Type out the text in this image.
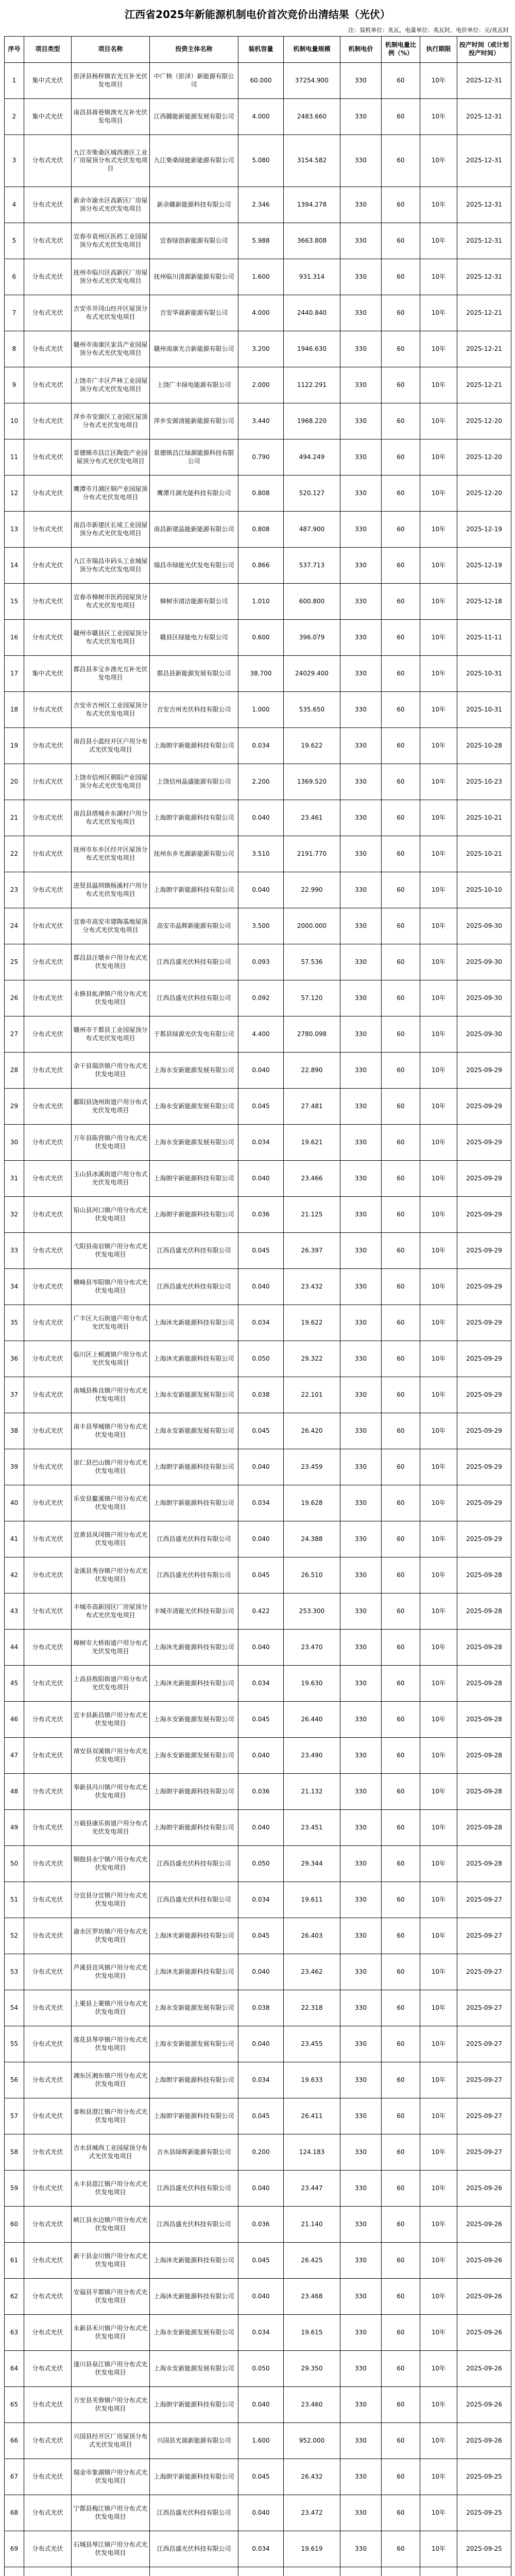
江西省2025年新能源机制电价首次竞价出清结果（光伏）
注：装机单位：兆瓦，电量单位：兆瓦时，电价单位：元/兆瓦时
序号	项目类型	项目名称	投资主体名称	装机容量	机制电量规模	机制电价	机制电量比例（%）	执行期限	投产时间（或计划投产时间）
1	集中式光伏	彭泽县杨梓镇农光互补光伏发电项目	中广核（彭泽）新能源有限公司	60.000	37254.900	330	60	10年	2025-12-31
2	集中式光伏	南昌县蒋巷镇渔光互补光伏发电项目	江西赣能新能源发展有限公司	4.000	2483.660	330	60	10年	2025-12-31
3	分布式光伏	九江市柴桑区城西港区工业厂房屋顶分布式光伏发电项目	九江柴桑绿能新能源有限公司	5.080	3154.582	330	60	10年	2025-12-31
4	分布式光伏	新余市渝水区高新区厂房屋顶分布式光伏发电项目	新余赣新能源科技有限公司	2.346	1394.278	330	60	10年	2025-12-31
5	分布式光伏	宜春市袁州区医药工业园屋顶分布式光伏发电项目	宜春绿创新能源有限公司	5.988	3663.808	330	60	10年	2025-12-31
6	分布式光伏	抚州市临川区高新区厂房屋顶分布式光伏发电项目	抚州临川清源新能源有限公司	1.600	931.314	330	60	10年	2025-12-31
7	分布式光伏	吉安市井冈山经开区屋顶分布式光伏发电项目	吉安华晟新能源有限公司	4.000	2440.840	330	60	10年	2025-12-21
8	分布式光伏	赣州市南康区家具产业园屋顶分布式光伏发电项目	赣州南康光合新能源有限公司	3.200	1946.630	330	60	10年	2025-12-21
9	分布式光伏	上饶市广丰区芦林工业园屋顶分布式光伏发电项目	上饶广丰绿电能源有限公司	2.000	1122.291	330	60	10年	2025-12-21
10	分布式光伏	萍乡市安源区工业园区屋顶分布式光伏发电项目	萍乡安源清能新能源有限公司	3.440	1968.220	330	60	10年	2025-12-20
11	分布式光伏	景德镇市昌江区陶瓷产业园屋顶分布式光伏发电项目	景德镇昌江绿源能源科技有限公司	0.790	494.249	330	60	10年	2025-12-20
12	分布式光伏	鹰潭市月湖区铜产业园屋顶分布式光伏发电项目	鹰潭月湖光能科技有限公司	0.808	520.127	330	60	10年	2025-12-20
13	分布式光伏	南昌市新建区长堎工业园屋顶分布式光伏发电项目	南昌新建晶能新能源有限公司	0.808	487.900	330	60	10年	2025-12-19
14	分布式光伏	九江市瑞昌市码头工业城屋顶分布式光伏发电项目	瑞昌市绿能光伏发电有限公司	0.866	537.713	330	60	10年	2025-12-19
15	分布式光伏	宜春市樟树市医药园屋顶分布式光伏发电项目	樟树市清洁能源有限公司	1.010	600.800	330	60	10年	2025-12-18
16	分布式光伏	赣州市赣县区工业园屋顶分布式光伏发电项目	赣县区绿能电力有限公司	0.600	396.079	330	60	10年	2025-11-11
17	集中式光伏	都昌县多宝乡渔光互补光伏发电项目	都昌县新能源发展有限公司	38.700	24029.400	330	60	10年	2025-10-31
18	分布式光伏	吉安市吉州区工业园屋顶分布式光伏发电项目	吉安吉州光伏科技有限公司	1.000	535.650	330	60	10年	2025-10-31
19	分布式光伏	南昌县小蓝经开区户用分布式光伏发电项目	上海朗宇新能源科技有限公司	0.034	19.622	330	60	10年	2025-10-28
20	分布式光伏	上饶市信州区朝阳产业园屋顶分布式光伏发电项目	上饶信州晶盛能源有限公司	2.200	1369.520	330	60	10年	2025-10-23
21	分布式光伏	南昌县塔城乡东湖村户用分布式光伏发电项目	上海朗宇新能源科技有限公司	0.040	23.461	330	60	10年	2025-10-21
22	分布式光伏	抚州市东乡区经开区屋顶分布式光伏发电项目	抚州东乡光源新能源有限公司	3.510	2191.770	330	60	10年	2025-10-21
23	分布式光伏	进贤县温圳镇杨溪村户用分布式光伏发电项目	上海朗宇新能源科技有限公司	0.040	22.990	330	60	10年	2025-10-10
24	分布式光伏	宜春市高安市建陶基地屋顶分布式光伏发电项目	高安市晶辉新能源有限公司	3.500	2000.000	330	60	10年	2025-09-30
25	分布式光伏	都昌县汪墩乡户用分布式光伏发电项目	江西昌盛光伏科技有限公司	0.093	57.536	330	60	10年	2025-09-30
26	分布式光伏	永修县虬津镇户用分布式光伏发电项目	江西昌盛光伏科技有限公司	0.092	57.120	330	60	10年	2025-09-30
27	分布式光伏	赣州市于都县工业园屋顶分布式光伏发电项目	于都县绿源光伏发电有限公司	4.400	2780.098	330	60	10年	2025-09-30
28	分布式光伏	余干县瑞洪镇户用分布式光伏发电项目	上海永安新能源发展有限公司	0.040	22.890	330	60	10年	2025-09-29
29	分布式光伏	鄱阳县饶州街道户用分布式光伏发电项目	上海永安新能源发展有限公司	0.045	27.481	330	60	10年	2025-09-29
30	分布式光伏	万年县陈营镇户用分布式光伏发电项目	上海永安新能源发展有限公司	0.034	19.621	330	60	10年	2025-09-29
31	分布式光伏	玉山县冰溪街道户用分布式光伏发电项目	上海朗宇新能源科技有限公司	0.040	23.466	330	60	10年	2025-09-29
32	分布式光伏	铅山县河口镇户用分布式光伏发电项目	上海朗宇新能源科技有限公司	0.036	21.125	330	60	10年	2025-09-29
33	分布式光伏	弋阳县南岩镇户用分布式光伏发电项目	江西昌盛光伏科技有限公司	0.045	26.397	330	60	10年	2025-09-29
34	分布式光伏	横峰县岑阳镇户用分布式光伏发电项目	江西昌盛光伏科技有限公司	0.040	23.432	330	60	10年	2025-09-29
35	分布式光伏	广丰区大石街道户用分布式光伏发电项目	上海沐光新能源科技有限公司	0.034	19.622	330	60	10年	2025-09-29
36	分布式光伏	临川区上顿渡镇户用分布式光伏发电项目	上海沐光新能源科技有限公司	0.050	29.322	330	60	10年	2025-09-29
37	分布式光伏	南城县株良镇户用分布式光伏发电项目	上海永安新能源发展有限公司	0.038	22.101	330	60	10年	2025-09-29
38	分布式光伏	南丰县琴城镇户用分布式光伏发电项目	上海永安新能源发展有限公司	0.045	26.420	330	60	10年	2025-09-29
39	分布式光伏	崇仁县巴山镇户用分布式光伏发电项目	上海朗宇新能源科技有限公司	0.040	23.459	330	60	10年	2025-09-29
40	分布式光伏	乐安县鳌溪镇户用分布式光伏发电项目	上海朗宇新能源科技有限公司	0.034	19.628	330	60	10年	2025-09-29
41	分布式光伏	宜黄县凤冈镇户用分布式光伏发电项目	江西昌盛光伏科技有限公司	0.040	24.388	330	60	10年	2025-09-29
42	分布式光伏	金溪县秀谷镇户用分布式光伏发电项目	江西昌盛光伏科技有限公司	0.045	26.510	330	60	10年	2025-09-28
43	分布式光伏	丰城市高新园区厂房屋顶分布式光伏发电项目	丰城市清能光伏科技有限公司	0.422	253.300	330	60	10年	2025-09-28
44	分布式光伏	樟树市大桥街道户用分布式光伏发电项目	上海沐光新能源科技有限公司	0.040	23.470	330	60	10年	2025-09-28
45	分布式光伏	上高县敖阳街道户用分布式光伏发电项目	上海沐光新能源科技有限公司	0.034	19.630	330	60	10年	2025-09-28
46	分布式光伏	宜丰县新昌镇户用分布式光伏发电项目	上海永安新能源发展有限公司	0.045	26.440	330	60	10年	2025-09-28
47	分布式光伏	靖安县双溪镇户用分布式光伏发电项目	上海永安新能源发展有限公司	0.040	23.490	330	60	10年	2025-09-28
48	分布式光伏	奉新县冯川镇户用分布式光伏发电项目	上海朗宇新能源科技有限公司	0.036	21.132	330	60	10年	2025-09-28
49	分布式光伏	万载县康乐街道户用分布式光伏发电项目	上海朗宇新能源科技有限公司	0.040	23.451	330	60	10年	2025-09-28
50	分布式光伏	铜鼓县永宁镇户用分布式光伏发电项目	江西昌盛光伏科技有限公司	0.050	29.344	330	60	10年	2025-09-28
51	分布式光伏	分宜县分宜镇户用分布式光伏发电项目	江西昌盛光伏科技有限公司	0.034	19.611	330	60	10年	2025-09-27
52	分布式光伏	渝水区罗坊镇户用分布式光伏发电项目	上海沐光新能源科技有限公司	0.045	26.403	330	60	10年	2025-09-27
53	分布式光伏	芦溪县宣风镇户用分布式光伏发电项目	上海沐光新能源科技有限公司	0.040	23.462	330	60	10年	2025-09-27
54	分布式光伏	上栗县上栗镇户用分布式光伏发电项目	上海永安新能源发展有限公司	0.038	22.318	330	60	10年	2025-09-27
55	分布式光伏	莲花县琴亭镇户用分布式光伏发电项目	上海永安新能源发展有限公司	0.040	23.455	330	60	10年	2025-09-27
56	分布式光伏	湘东区湘东镇户用分布式光伏发电项目	上海朗宇新能源科技有限公司	0.034	19.633	330	60	10年	2025-09-27
57	分布式光伏	泰和县澄江镇户用分布式光伏发电项目	上海朗宇新能源科技有限公司	0.045	26.411	330	60	10年	2025-09-27
58	分布式光伏	吉水县城西工业园屋顶分布式光伏发电项目	吉水县绿晖新能源有限公司	0.200	124.183	330	60	10年	2025-09-27
59	分布式光伏	永丰县恩江镇户用分布式光伏发电项目	江西昌盛光伏科技有限公司	0.040	23.447	330	60	10年	2025-09-26
60	分布式光伏	峡江县水边镇户用分布式光伏发电项目	江西昌盛光伏科技有限公司	0.036	21.140	330	60	10年	2025-09-26
61	分布式光伏	新干县金川镇户用分布式光伏发电项目	上海沐光新能源科技有限公司	0.045	26.425	330	60	10年	2025-09-26
62	分布式光伏	安福县平都镇户用分布式光伏发电项目	上海沐光新能源科技有限公司	0.040	23.468	330	60	10年	2025-09-26
63	分布式光伏	永新县禾川镇户用分布式光伏发电项目	上海永安新能源发展有限公司	0.034	19.615	330	60	10年	2025-09-26
64	分布式光伏	遂川县泉江镇户用分布式光伏发电项目	上海永安新能源发展有限公司	0.050	29.350	330	60	10年	2025-09-26
65	分布式光伏	万安县芙蓉镇户用分布式光伏发电项目	上海朗宇新能源科技有限公司	0.040	23.460	330	60	10年	2025-09-26
66	分布式光伏	兴国县经开区厂房屋顶分布式光伏发电项目	兴国县光晟新能源有限公司	1.600	952.000	330	60	10年	2025-09-26
67	分布式光伏	瑞金市象湖镇户用分布式光伏发电项目	上海朗宇新能源科技有限公司	0.045	26.432	330	60	10年	2025-09-25
68	分布式光伏	宁都县梅江镇户用分布式光伏发电项目	江西昌盛光伏科技有限公司	0.040	23.472	330	60	10年	2025-09-25
69	分布式光伏	石城县琴江镇户用分布式光伏发电项目	江西昌盛光伏科技有限公司	0.034	19.619	330	60	10年	2025-09-25
